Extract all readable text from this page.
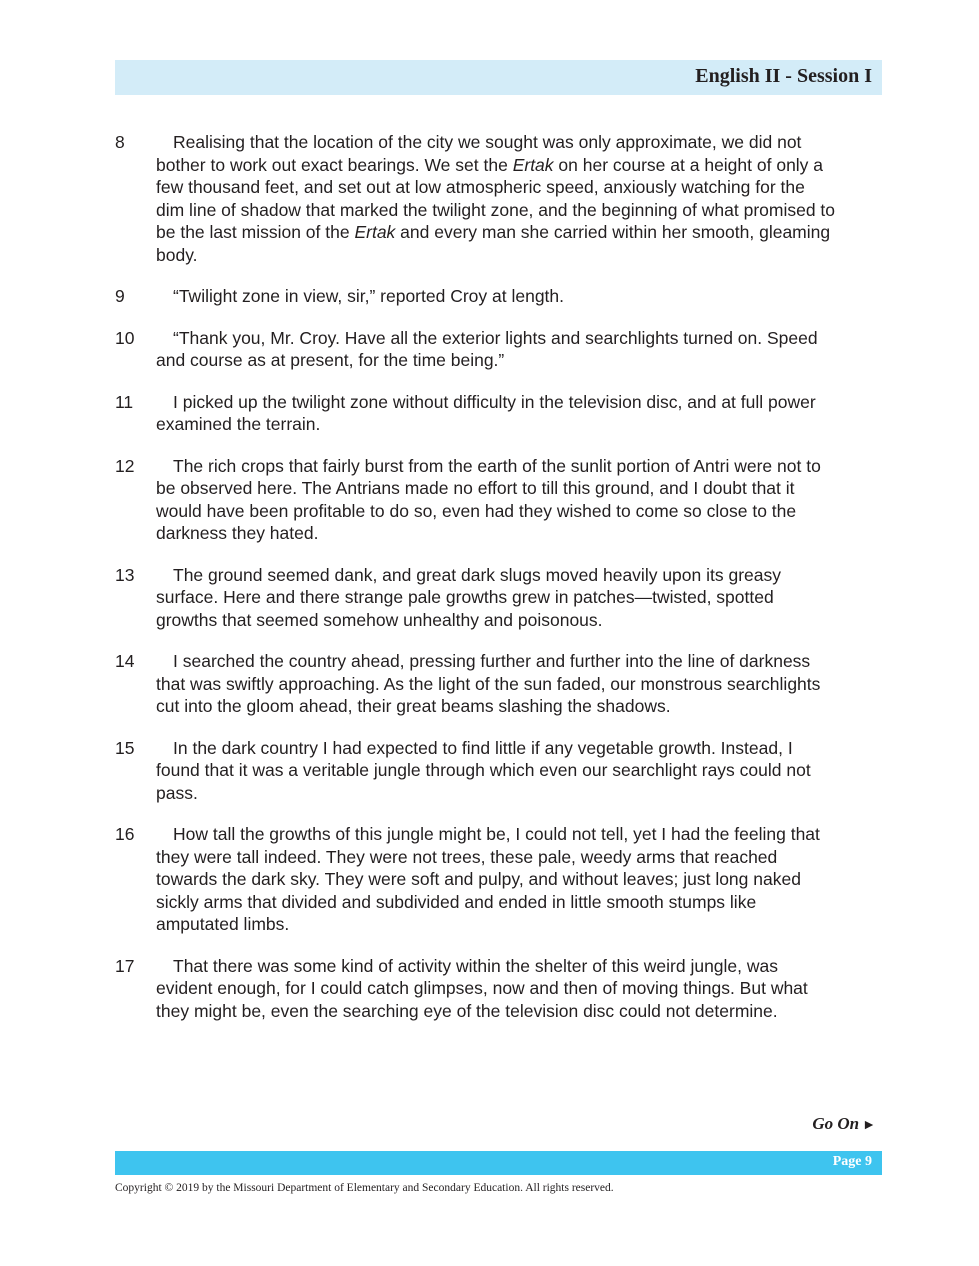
English II - Session I
8	Realising that the location of the city we sought was only approximate, we did not bother to work out exact bearings. We set the Ertak on her course at a height of only a few thousand feet, and set out at low atmospheric speed, anxiously watching for the dim line of shadow that marked the twilight zone, and the beginning of what promised to be the last mission of the Ertak and every man she carried within her smooth, gleaming body.
9	“Twilight zone in view, sir,” reported Croy at length.
10	“Thank you, Mr. Croy. Have all the exterior lights and searchlights turned on. Speed and course as at present, for the time being.”
11	I picked up the twilight zone without difficulty in the television disc, and at full power examined the terrain.
12	The rich crops that fairly burst from the earth of the sunlit portion of Antri were not to be observed here. The Antrians made no effort to till this ground, and I doubt that it would have been profitable to do so, even had they wished to come so close to the darkness they hated.
13	The ground seemed dank, and great dark slugs moved heavily upon its greasy surface. Here and there strange pale growths grew in patches—twisted, spotted growths that seemed somehow unhealthy and poisonous.
14	I searched the country ahead, pressing further and further into the line of darkness that was swiftly approaching. As the light of the sun faded, our monstrous searchlights cut into the gloom ahead, their great beams slashing the shadows.
15	In the dark country I had expected to find little if any vegetable growth. Instead, I found that it was a veritable jungle through which even our searchlight rays could not pass.
16	How tall the growths of this jungle might be, I could not tell, yet I had the feeling that they were tall indeed. They were not trees, these pale, weedy arms that reached towards the dark sky. They were soft and pulpy, and without leaves; just long naked sickly arms that divided and subdivided and ended in little smooth stumps like amputated limbs.
17	That there was some kind of activity within the shelter of this weird jungle, was evident enough, for I could catch glimpses, now and then of moving things. But what they might be, even the searching eye of the television disc could not determine.
Go On ►
Page 9
Copyright © 2019 by the Missouri Department of Elementary and Secondary Education. All rights reserved.
